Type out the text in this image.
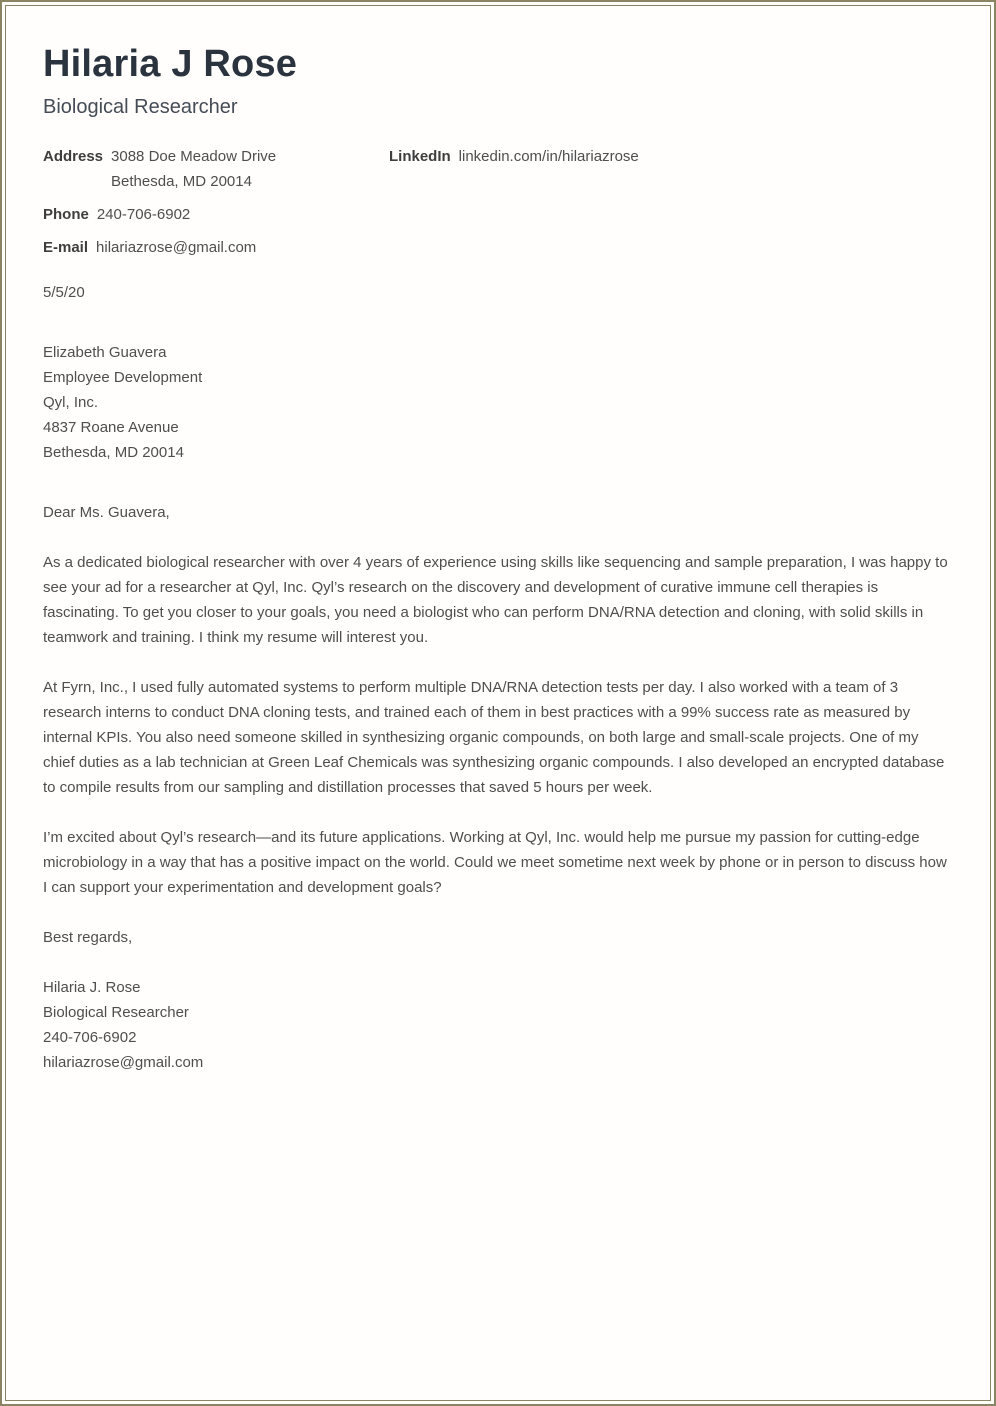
Hilaria J Rose
Biological Researcher
Address 3088 Doe Meadow Drive
Bethesda, MD 20014
LinkedIn linkedin.com/in/hilariazrose
Phone 240-706-6902
E-mail hilariazrose@gmail.com
5/5/20
Elizabeth Guavera
Employee Development
Qyl, Inc.
4837 Roane Avenue
Bethesda, MD 20014

Dear Ms. Guavera,

As a dedicated biological researcher with over 4 years of experience using skills like sequencing and sample preparation, I was happy to see your ad for a researcher at Qyl, Inc. Qyl’s research on the discovery and development of curative immune cell therapies is fascinating. To get you closer to your goals, you need a biologist who can perform DNA/RNA detection and cloning, with solid skills in teamwork and training. I think my resume will interest you.

At Fyrn, Inc., I used fully automated systems to perform multiple DNA/RNA detection tests per day. I also worked with a team of 3 research interns to conduct DNA cloning tests, and trained each of them in best practices with a 99% success rate as measured by internal KPIs. You also need someone skilled in synthesizing organic compounds, on both large and small-scale projects. One of my chief duties as a lab technician at Green Leaf Chemicals was synthesizing organic compounds. I also developed an encrypted database to compile results from our sampling and distillation processes that saved 5 hours per week.

I’m excited about Qyl’s research—and its future applications. Working at Qyl, Inc. would help me pursue my passion for cutting-edge microbiology in a way that has a positive impact on the world. Could we meet sometime next week by phone or in person to discuss how I can support your experimentation and development goals?

Best regards,

Hilaria J. Rose
Biological Researcher
240-706-6902
hilariazrose@gmail.com
